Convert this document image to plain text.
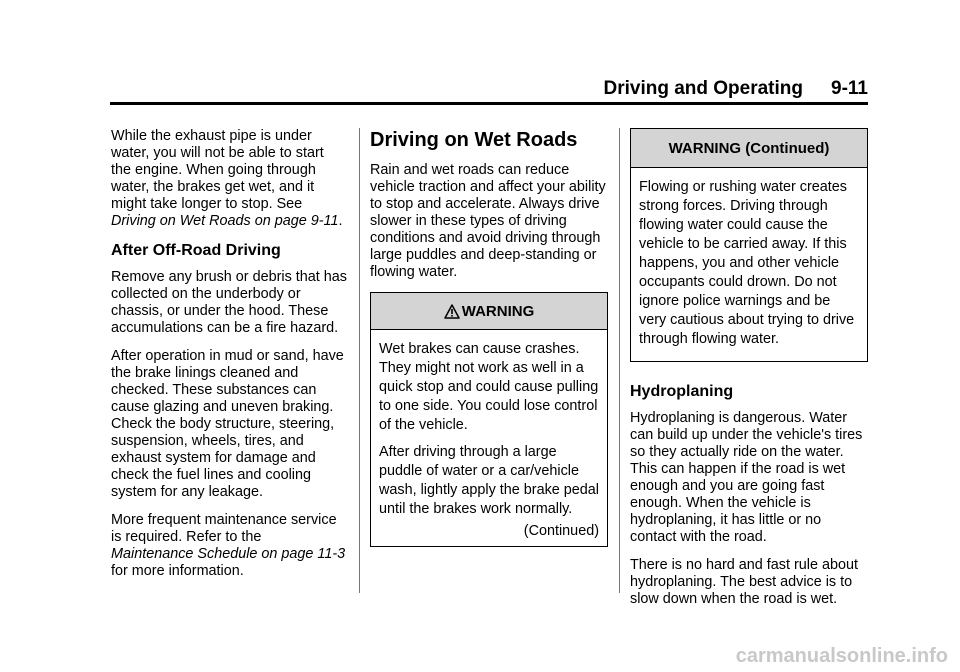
Driving and Operating 9-11

While the exhaust pipe is under water, you will not be able to start the engine. When going through water, the brakes get wet, and it might take longer to stop. See Driving on Wet Roads on page 9-11.

After Off-Road Driving

Remove any brush or debris that has collected on the underbody or chassis, or under the hood. These accumulations can be a fire hazard.

After operation in mud or sand, have the brake linings cleaned and checked. These substances can cause glazing and uneven braking. Check the body structure, steering, suspension, wheels, tires, and exhaust system for damage and check the fuel lines and cooling system for any leakage.

More frequent maintenance service is required. Refer to the Maintenance Schedule on page 11-3 for more information.

Driving on Wet Roads

Rain and wet roads can reduce vehicle traction and affect your ability to stop and accelerate. Always drive slower in these types of driving conditions and avoid driving through large puddles and deep-standing or flowing water.

WARNING

Wet brakes can cause crashes. They might not work as well in a quick stop and could cause pulling to one side. You could lose control of the vehicle.

After driving through a large puddle of water or a car/vehicle wash, lightly apply the brake pedal until the brakes work normally.

(Continued)
WARNING (Continued)

Flowing or rushing water creates strong forces. Driving through flowing water could cause the vehicle to be carried away. If this happens, you and other vehicle occupants could drown. Do not ignore police warnings and be very cautious about trying to drive through flowing water.

Hydroplaning

Hydroplaning is dangerous. Water can build up under the vehicle's tires so they actually ride on the water. This can happen if the road is wet enough and you are going fast enough. When the vehicle is hydroplaning, it has little or no contact with the road.

There is no hard and fast rule about hydroplaning. The best advice is to slow down when the road is wet.

carmanualsonline.info
